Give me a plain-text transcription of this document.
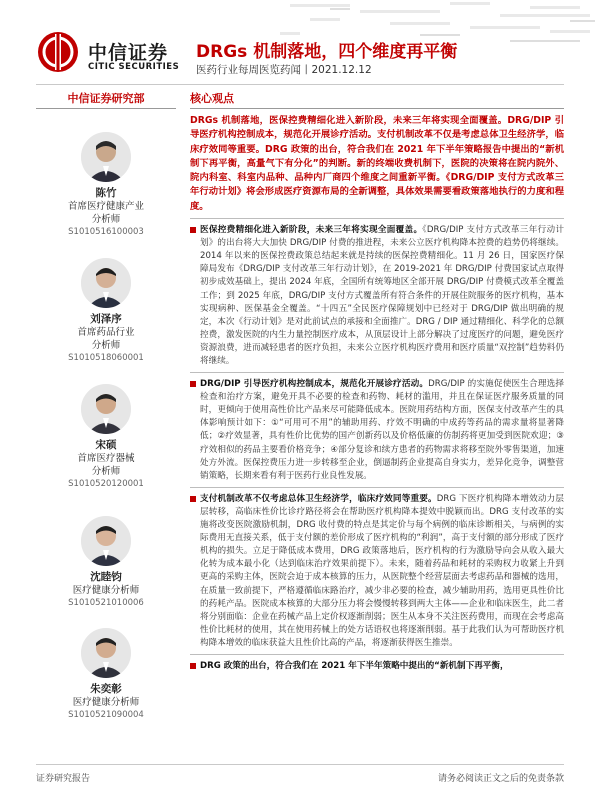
中信证券
CITIC SECURITIES
DRGs 机制落地，四个维度再平衡
医药行业每周医览药闻丨2021.12.12
中信证券研究部
陈竹
首席医疗健康产业
分析师
S1010516100003
刘泽序
首席药品行业
分析师
S1010518060001
宋硕
首席医疗器械
分析师
S1010520120001
沈睦钧
医疗健康分析师
S1010521010006
朱奕彰
医疗健康分析师
S1010521090004
核心观点
DRGs 机制落地，医保控费精细化进入新阶段，未来三年将实现全面覆盖。DRG/DIP 引导医疗机构控制成本，规范化开展诊疗活动。支付机制改革不仅是考虑总体卫生经济学，临床疗效同等重要。DRG 政策的出台，符合我们在 2021 年下半年策略报告中提出的“新机制下再平衡，高量气下有分化”的判断。新的终端收费机制下，医院的决策将在院内院外、院内科室、科室内品种、品种内厂商四个维度之间重新平衡。《DRG/DIP 支付方式改革三年行动计划》将会形成医疗资源布局的全新调整，具体效果需要看政策落地执行的力度和程度。
医保控费精细化进入新阶段，未来三年将实现全面覆盖。《DRG/DIP 支付方式改革三年行动计划》的出台将大大加快 DRG/DIP 付费的推进程，未来公立医疗机构降本控费的趋势仍将继续。2014 年以来的医保控费政策总结起来就是持续的医保控费精细化。11 月 26 日，国家医疗保障局发布《DRG/DIP 支付改革三年行动计划》，在 2019-2021 年 DRG/DIP 付费国家试点取得初步成效基础上，提出 2024 年底，全国所有统筹地区全部开展 DRG/DIP 付费模式改革全覆盖工作；到 2025 年底，DRG/DIP 支付方式覆盖所有符合条件的开展住院服务的医疗机构，基本实现病种、医保基金全覆盖。“十四五”全民医疗保障规划中已经对于 DRG/DIP 做出明确的规定，本次《行动计划》是对此前试点的承接和全面推广。DRG / DIP 通过精细化、科学化的总额控费，激发医院的内生力量控制医疗成本，从顶层设计上部分解决了过度医疗的问题，避免医疗资源浪费，进而减轻患者的医疗负担，未来公立医疗机构医疗费用和医疗质量“双控制”趋势料仍将继续。
DRG/DIP 引导医疗机构控制成本，规范化开展诊疗活动。DRG/DIP 的实施促使医生合理选择检查和治疗方案，避免开具不必要的检查和药物、耗材的滥用，并且在保证医疗服务质量的同时，更倾向于使用高性价比产品来尽可能降低成本。医院用药结构方面，医保支付改革产生的具体影响预计如下：①“可用可不用”的辅助用药、疗效不明确的中成药等药品的需求量将显著降低；②疗效显著，具有性价比优势的国产创新药以及价格低廉的仿制药将更加受到医院欢迎；③疗效相似的药品主要看价格竞争；④部分复诊和续方患者的药物需求将移至院外零售渠道，加速处方外流。医保控费压力进一步转移至企业，倒逼制药企业提高自身实力，差异化竞争，调整营销策略，长期来看有利于医药行业良性发展。
支付机制改革不仅考虑总体卫生经济学，临床疗效同等重要。DRG 下医疗机构降本增效动力层层转移，高临床性价比诊疗路径将会在帮助医疗机构降本提效中脱颖而出。DRG 支付改革的实施将改变医院激励机制，DRG 收付费的特点是其定价与每个病例的临床诊断相关，与病例的实际费用无直接关系，低于支付额的差价形成了医疗机构的“利润”，高于支付额的部分形成了医疗机构的损失。立足于降低成本费用，DRG 政策落地后，医疗机构的行为激励导向会从收入最大化转为成本最小化（达到临床治疗效果前提下）。未来，随着药品和耗材的采购权力收紧上升到更高的采购主体，医院会迫于成本核算的压力，从医院整个经营层面去考虑药品和器械的选用，在质量一致前提下，严格遵循临床路治疗，减少非必要的检查，减少辅助用药，选用更具性价比的药耗产品。医院成本核算的大部分压力将会慢慢转移到两大主体——企业和临床医生，此二者将分别面临：企业在药械产品上定价权逐渐削弱；医生从本身不关注医药费用，而现在会考虑高性价比耗材的使用，其在使用药械上的处方话语权也将逐渐削弱。基于此我们认为可帮助医疗机构降本增效的临床获益大且性价比高的产品，将逐渐获得医生推崇。
DRG 政策的出台，符合我们在 2021 年下半年策略中提出的“新机制下再平衡，
证券研究报告	请务必阅读正文之后的免责条款
